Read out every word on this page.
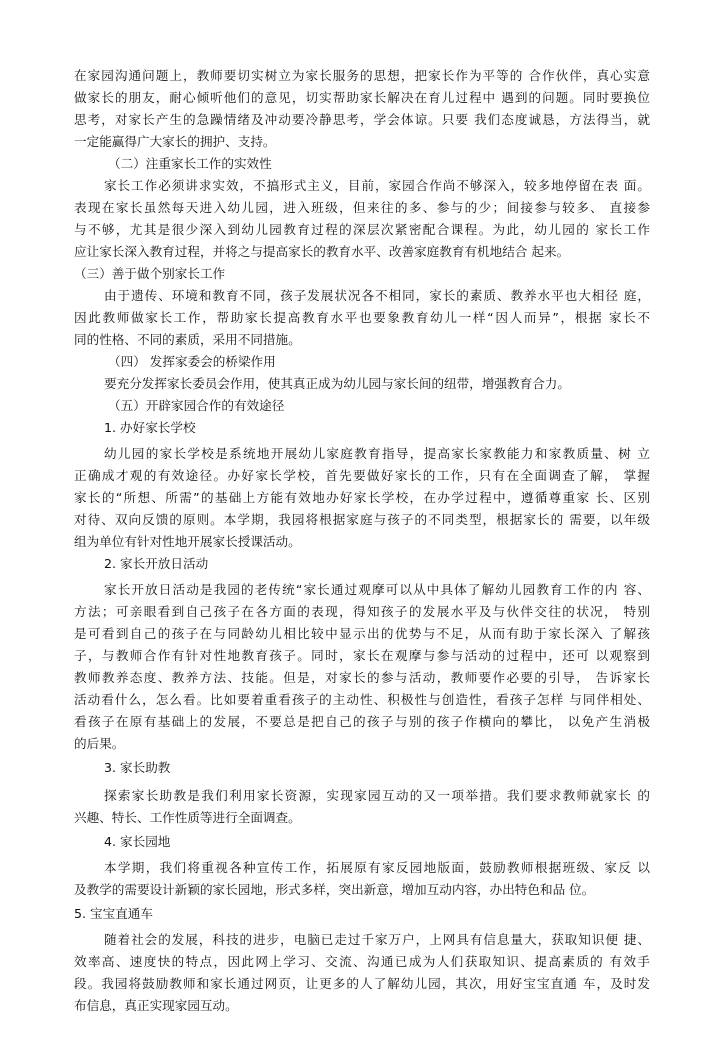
在家园沟通问题上，教师要切实树立为家长服务的思想，把家长作为平等的 合作伙伴，真心实意
做家长的朋友，耐心倾听他们的意见，切实帮助家长解决在育儿过程中 遇到的问题。同时要换位
思考，对家长产生的急躁情绪及冲动要冷静思考，学会体谅。只要 我们态度诚恳，方法得当，就
一定能赢得广大家长的拥护、支持。
（二）注重家长工作的实效性
家长工作必须讲求实效，不搞形式主义，目前，家园合作尚不够深入，较多地停留在表 面。
表现在家长虽然每天进入幼儿园，进入班级，但来往的多、参与的少；间接参与较多、 直接参
与不够，尤其是很少深入到幼儿园教育过程的深层次紧密配合课程。为此，幼儿园的 家长工作
应让家长深入教育过程，并将之与提高家长的教育水平、改善家庭教育有机地结合 起来。
（三）善于做个别家长工作
由于遗传、环境和教育不同，孩子发展状况各不相同，家长的素质、教养水平也大相径 庭，
因此教师做家长工作，帮助家长提高教育水平也要象教育幼儿一样“因人而异”，根据 家长不
同的性格、不同的素质，采用不同措施。
（四） 发挥家委会的桥梁作用
要充分发挥家长委员会作用，使其真正成为幼儿园与家长间的纽带，增强教育合力。
（五）开辟家园合作的有效途径
1. 办好家长学校
幼儿园的家长学校是系统地开展幼儿家庭教育指导，提高家长家教能力和家教质量、树 立
正确成才观的有效途径。办好家长学校，首先要做好家长的工作，只有在全面调查了解， 掌握
家长的“所想、所需”的基础上方能有效地办好家长学校，在办学过程中，遵循尊重家 长、区别
对待、双向反馈的原则。本学期，我园将根据家庭与孩子的不同类型，根据家长的 需要，以年级
组为单位有针对性地开展家长授课活动。
2. 家长开放日活动
家长开放日活动是我园的老传统“家长通过观摩可以从中具体了解幼儿园教育工作的内 容、
方法；可亲眼看到自己孩子在各方面的表现，得知孩子的发展水平及与伙伴交往的状况， 特别
是可看到自己的孩子在与同龄幼儿相比较中显示出的优势与不足，从而有助于家长深入 了解孩
子，与教师合作有针对性地教育孩子。同时，家长在观摩与参与活动的过程中，还可 以观察到
教师教养态度、教养方法、技能。但是，对家长的参与活动，教师要作必要的引导， 告诉家长
活动看什么，怎么看。比如要着重看孩子的主动性、积极性与创造性，看孩子怎样 与同伴相处、
看孩子在原有基础上的发展，不要总是把自己的孩子与别的孩子作横向的攀比， 以免产生消极
的后果。
3. 家长助教
探索家长助教是我们利用家长资源，实现家园互动的又一项举措。我们要求教师就家长 的
兴趣、特长、工作性质等进行全面调查。
4. 家长园地
本学期，我们将重视各种宣传工作，拓展原有家反园地版面，鼓励教师根据班级、家反 以
及教学的需要设计新颖的家长园地，形式多样，突出新意，增加互动内容，办出特色和品 位。
5. 宝宝直通车
随着社会的发展，科技的进步，电脑已走过千家万户，上网具有信息量大，获取知识便 捷、
效率高、速度快的特点，因此网上学习、交流、沟通已成为人们获取知识、提高素质的 有效手
段。我园将鼓励教师和家长通过网页，让更多的人了解幼儿园，其次，用好宝宝直通 车，及时发
布信息，真正实现家园互动。
